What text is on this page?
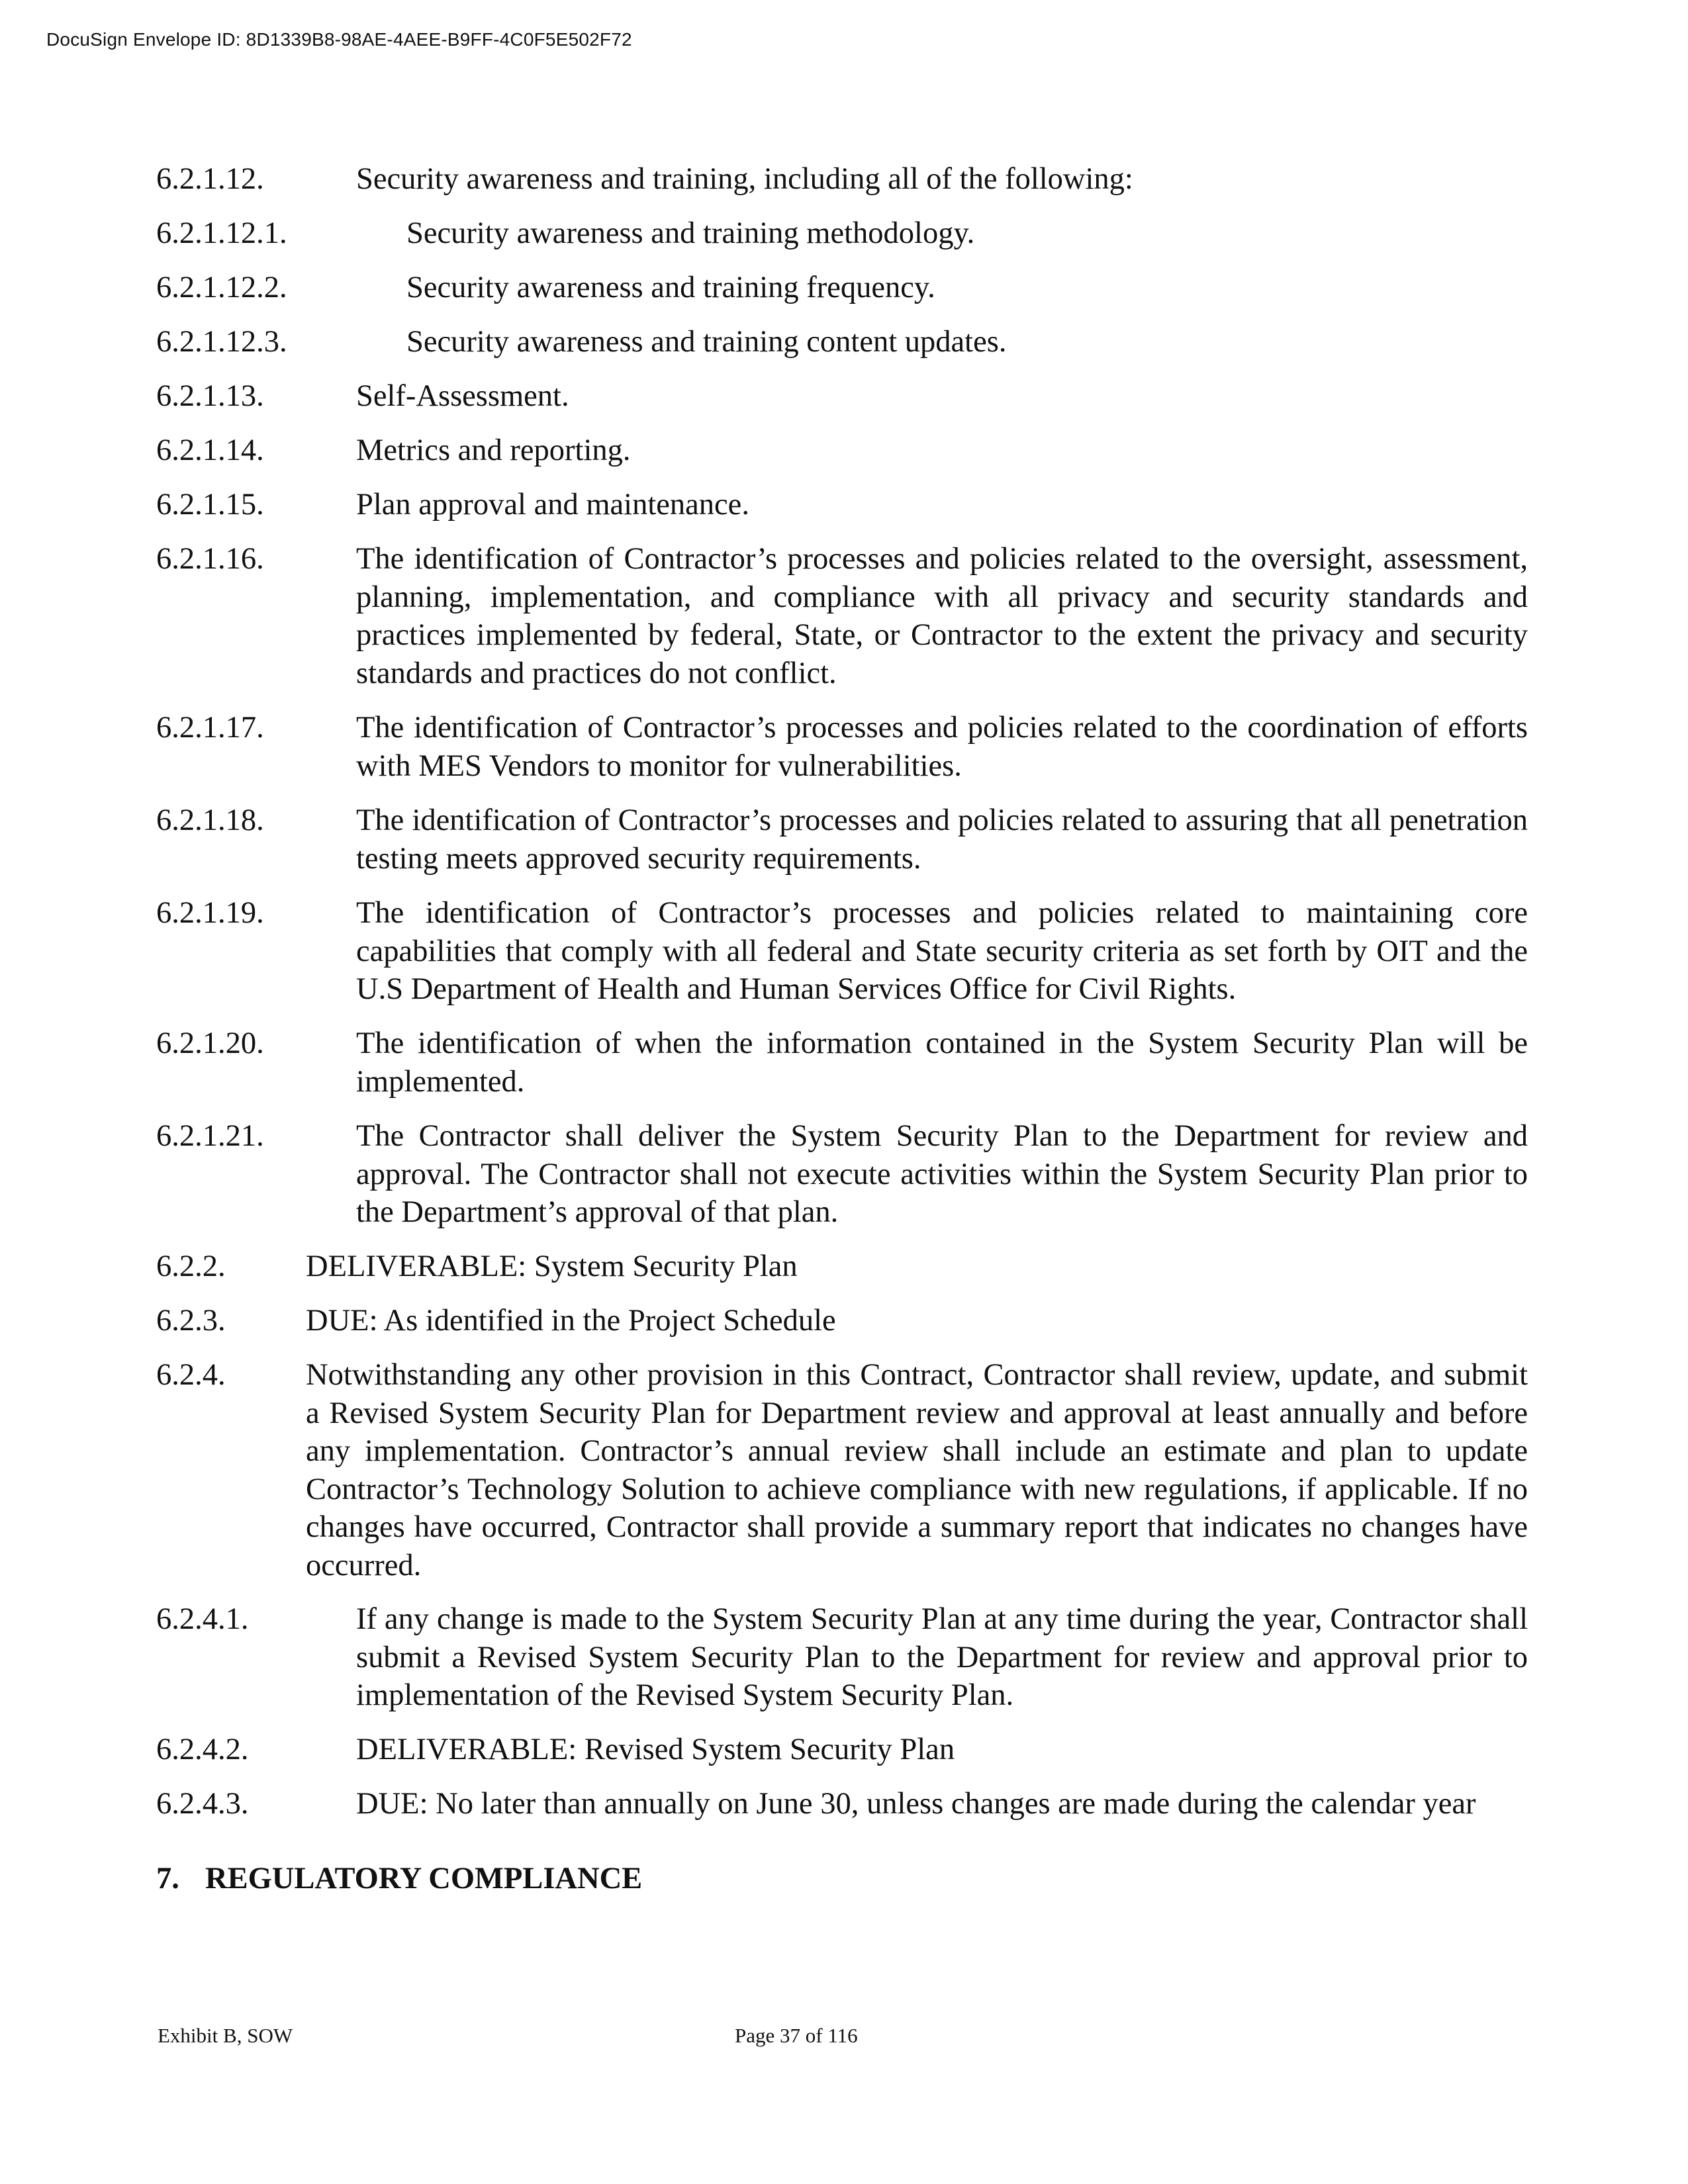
DocuSign Envelope ID: 8D1339B8-98AE-4AEE-B9FF-4C0F5E502F72
6.2.1.12.	Security awareness and training, including all of the following:

6.2.1.12.1.	Security awareness and training methodology.

6.2.1.12.2.	Security awareness and training frequency.

6.2.1.12.3.	Security awareness and training content updates.

6.2.1.13.	Self-Assessment.

6.2.1.14.	Metrics and reporting.

6.2.1.15.	Plan approval and maintenance.

6.2.1.16.	The identification of Contractor’s processes and policies related to the oversight, assessment, planning, implementation, and compliance with all privacy and security standards and practices implemented by federal, State, or Contractor to the extent the privacy and security standards and practices do not conflict.

6.2.1.17.	The identification of Contractor’s processes and policies related to the coordination of efforts with MES Vendors to monitor for vulnerabilities.

6.2.1.18.	The identification of Contractor’s processes and policies related to assuring that all penetration testing meets approved security requirements.

6.2.1.19.	The identification of Contractor’s processes and policies related to maintaining core capabilities that comply with all federal and State security criteria as set forth by OIT and the U.S Department of Health and Human Services Office for Civil Rights.

6.2.1.20.	The identification of when the information contained in the System Security Plan will be implemented.

6.2.1.21.	The Contractor shall deliver the System Security Plan to the Department for review and approval. The Contractor shall not execute activities within the System Security Plan prior to the Department’s approval of that plan.

6.2.2.	DELIVERABLE: System Security Plan

6.2.3.	DUE: As identified in the Project Schedule

6.2.4.	Notwithstanding any other provision in this Contract, Contractor shall review, update, and submit a Revised System Security Plan for Department review and approval at least annually and before any implementation. Contractor’s annual review shall include an estimate and plan to update Contractor’s Technology Solution to achieve compliance with new regulations, if applicable. If no changes have occurred, Contractor shall provide a summary report that indicates no changes have occurred.

6.2.4.1.	If any change is made to the System Security Plan at any time during the year, Contractor shall submit a Revised System Security Plan to the Department for review and approval prior to implementation of the Revised System Security Plan.

6.2.4.2.	DELIVERABLE: Revised System Security Plan

6.2.4.3.	DUE: No later than annually on June 30, unless changes are made during the calendar year

7. REGULATORY COMPLIANCE
Exhibit B, SOW	Page 37 of 116
